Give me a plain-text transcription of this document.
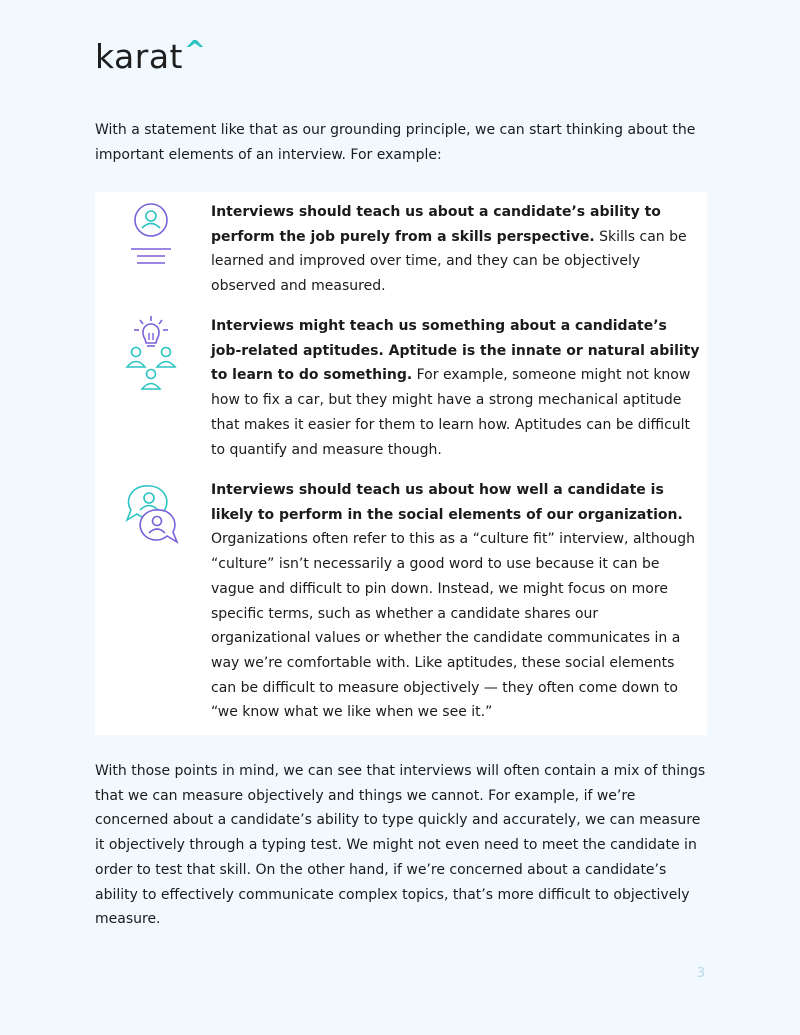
karat^

With a statement like that as our grounding principle, we can start thinking about the important elements of an interview. For example:

Interviews should teach us about a candidate’s ability to perform the job purely from a skills perspective. Skills can be learned and improved over time, and they can be objectively observed and measured.

Interviews might teach us something about a candidate’s job-related aptitudes. Aptitude is the innate or natural ability to learn to do something. For example, someone might not know how to fix a car, but they might have a strong mechanical aptitude that makes it easier for them to learn how. Aptitudes can be difficult to quantify and measure though.

Interviews should teach us about how well a candidate is likely to perform in the social elements of our organization. Organizations often refer to this as a “culture fit” interview, although “culture” isn’t necessarily a good word to use because it can be vague and difficult to pin down. Instead, we might focus on more specific terms, such as whether a candidate shares our organizational values or whether the candidate communicates in a way we’re comfortable with. Like aptitudes, these social elements can be difficult to measure objectively — they often come down to “we know what we like when we see it.”

With those points in mind, we can see that interviews will often contain a mix of things that we can measure objectively and things we cannot. For example, if we’re concerned about a candidate’s ability to type quickly and accurately, we can measure it objectively through a typing test. We might not even need to meet the candidate in order to test that skill. On the other hand, if we’re concerned about a candidate’s ability to effectively communicate complex topics, that’s more difficult to objectively measure.

3
